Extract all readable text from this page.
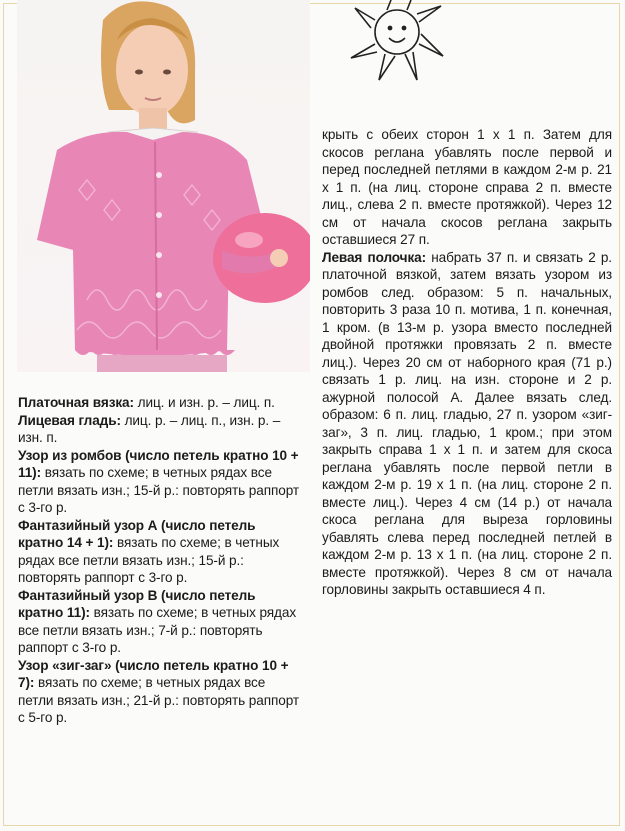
Платочная вязка: лиц. и изн. р. – лиц. п.

Лицевая гладь: лиц. р. – лиц. п., изн. р. – изн. п.

Узор из ромбов (число петель кратно 10 + 11): вязать по схеме; в четных рядах все петли вязать изн.; 15-й р.: повторять раппорт с 3-го р.

Фантазийный узор А (число петель кратно 14 + 1): вязать по схеме; в четных рядах все петли вязать изн.; 15-й р.: повторять раппорт с 3-го р.

Фантазийный узор В (число петель кратно 11): вязать по схеме; в четных рядах все петли вязать изн.; 7-й р.: повторять раппорт с 3-го р.

Узор «зиг-заг» (число петель кратно 10 + 7): вязать по схеме; в четных рядах все петли вязать изн.; 21-й р.: повторять раппорт с 5-го р.

крыть с обеих сторон 1 х 1 п. Затем для скосов реглана убавлять после первой и перед последней петлями в каждом 2-м р. 21 х 1 п. (на лиц. стороне справа 2 п. вместе лиц., слева 2 п. вместе протяжкой). Через 12 см от начала скосов реглана закрыть оставшиеся 27 п.

Левая полочка: набрать 37 п. и связать 2 р. платочной вязкой, затем вязать узором из ромбов след. образом: 5 п. начальных, повторить 3 раза 10 п. мотива, 1 п. конечная, 1 кром. (в 13-м р. узора вместо последней двойной протяжки провязать 2 п. вместе лиц.). Через 20 см от наборного края (71 р.) связать 1 р. лиц. на изн. стороне и 2 р. ажурной полосой А. Далее вязать след. образом: 6 п. лиц. гладью, 27 п. узором «зиг-заг», 3 п. лиц. гладью, 1 кром.; при этом закрыть справа 1 х 1 п. и затем для скоса реглана убавлять после первой петли в каждом 2-м р. 19 х 1 п. (на лиц. стороне 2 п. вместе лиц.). Через 4 см (14 р.) от начала скоса реглана для выреза горловины убавлять слева перед последней петлей в каждом 2-м р. 13 х 1 п. (на лиц. стороне 2 п. вместе протяжкой). Через 8 см от начала горловины закрыть оставшиеся 4 п.
